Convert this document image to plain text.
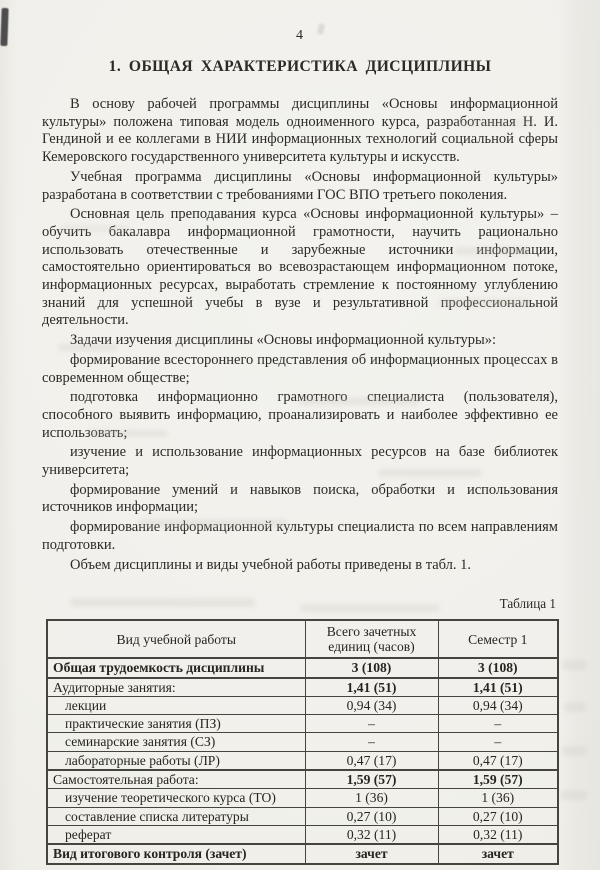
4
1. ОБЩАЯ ХАРАКТЕРИСТИКА ДИСЦИПЛИНЫ

В основу рабочей программы дисциплины «Основы информационной культуры» положена типовая модель одноименного курса, разработанная Н. И. Гендиной и ее коллегами в НИИ информационных технологий социальной сферы Кемеровского государственного университета культуры и искусств.

Учебная программа дисциплины «Основы информационной культуры» разработана в соответствии с требованиями ГОС ВПО третьего поколения.

Основная цель преподавания курса «Основы информационной культуры» – обучить бакалавра информационной грамотности, научить рационально использовать отечественные и зарубежные источники информации, самостоятельно ориентироваться во всевозрастающем информационном потоке, информационных ресурсах, выработать стремление к постоянному углублению знаний для успешной учебы в вузе и результативной профессиональной деятельности.

Задачи изучения дисциплины «Основы информационной культуры»:

формирование всестороннего представления об информационных процессах в современном обществе;

подготовка информационно грамотного специалиста (пользователя), способного выявить информацию, проанализировать и наиболее эффективно ее использовать;

изучение и использование информационных ресурсов на базе библиотек университета;

формирование умений и навыков поиска, обработки и использования источников информации;

формирование информационной культуры специалиста по всем направлениям подготовки.

Объем дисциплины и виды учебной работы приведены в табл. 1.

Таблица 1

Вид учебной работы	Всего зачетных единиц (часов)	Семестр 1
Общая трудоемкость дисциплины	3 (108)	3 (108)
Аудиторные занятия:	1,41 (51)	1,41 (51)
лекции	0,94 (34)	0,94 (34)
практические занятия (ПЗ)	–	–
семинарские занятия (СЗ)	–	–
лабораторные работы (ЛР)	0,47 (17)	0,47 (17)
Самостоятельная работа:	1,59 (57)	1,59 (57)
изучение теоретического курса (ТО)	1 (36)	1 (36)
составление списка литературы	0,27 (10)	0,27 (10)
реферат	0,32 (11)	0,32 (11)
Вид итогового контроля (зачет)	зачет	зачет
